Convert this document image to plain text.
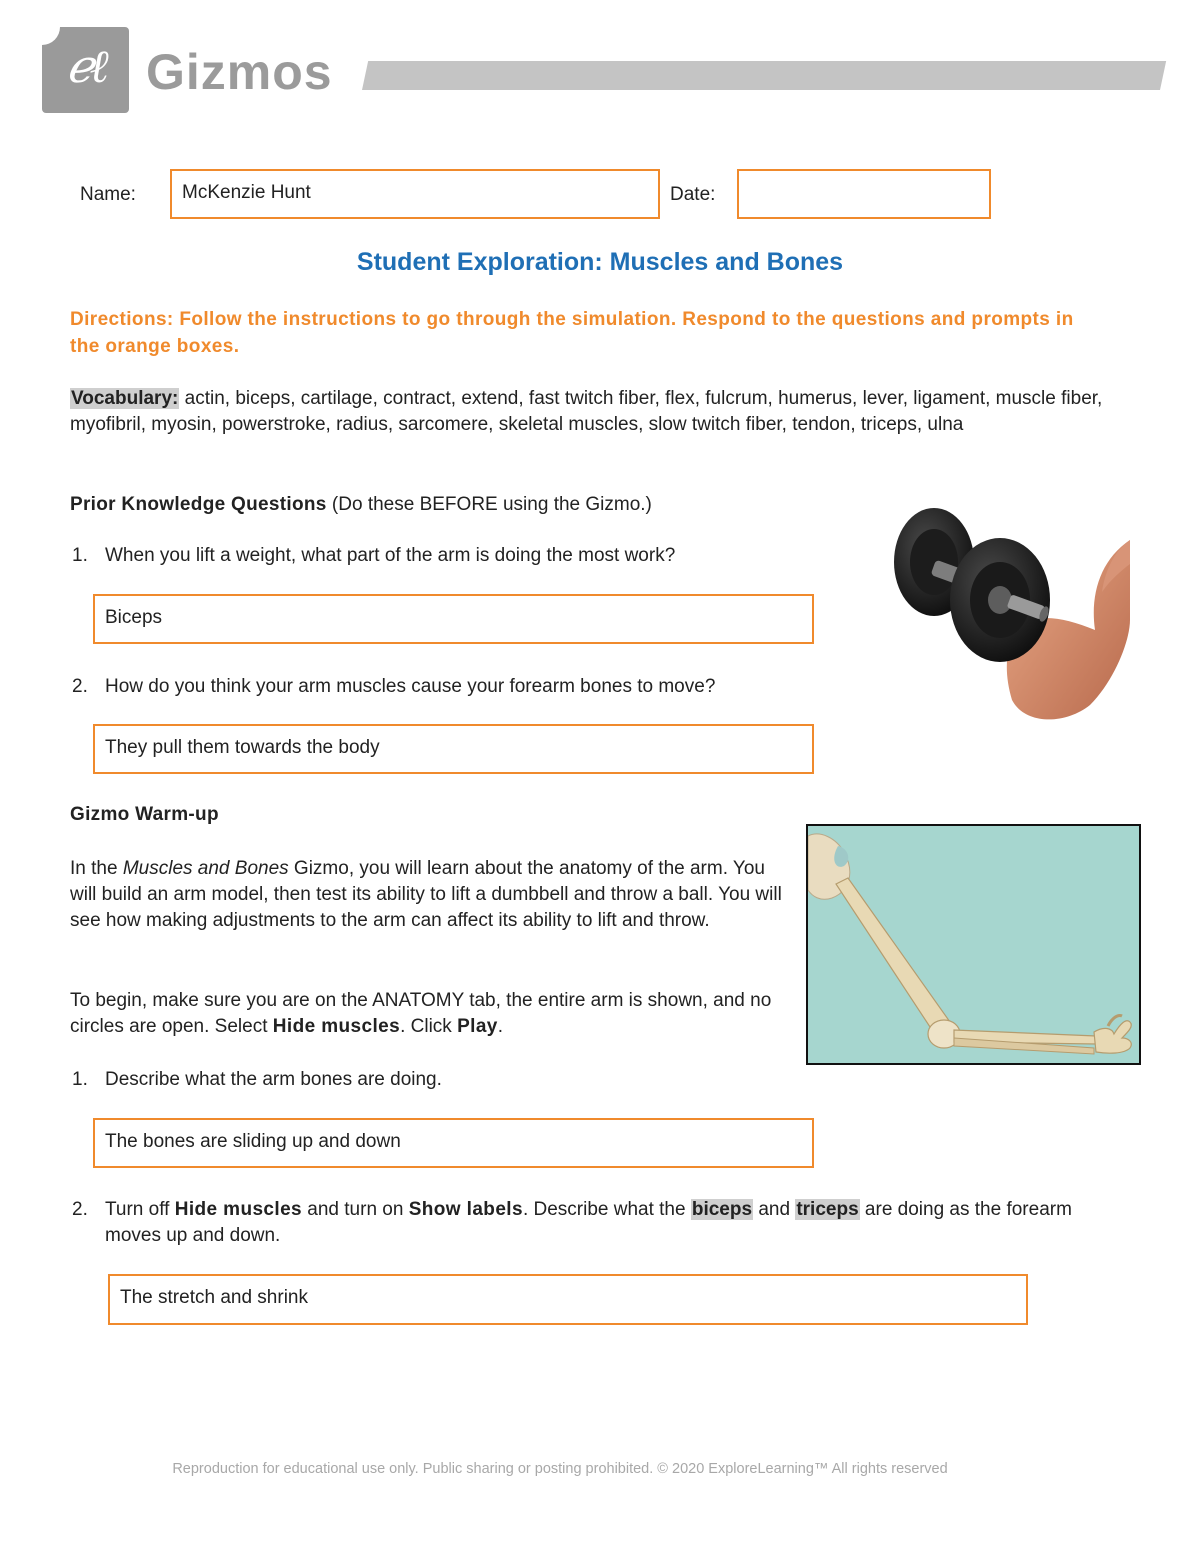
ℯℓ Gizmos
Name:	McKenzie Hunt	Date:
Student Exploration: Muscles and Bones
Directions: Follow the instructions to go through the simulation. Respond to the questions and prompts in the orange boxes.
Vocabulary: actin, biceps, cartilage, contract, extend, fast twitch fiber, flex, fulcrum, humerus, lever, ligament, muscle fiber, myofibril, myosin, powerstroke, radius, sarcomere, skeletal muscles, slow twitch fiber, tendon, triceps, ulna
Prior Knowledge Questions (Do these BEFORE using the Gizmo.)
1. When you lift a weight, what part of the arm is doing the most work?
Biceps
2. How do you think your arm muscles cause your forearm bones to move?
They pull them towards the body
Gizmo Warm-up
In the Muscles and Bones Gizmo, you will learn about the anatomy of the arm. You will build an arm model, then test its ability to lift a dumbbell and throw a ball. You will see how making adjustments to the arm can affect its ability to lift and throw.
To begin, make sure you are on the ANATOMY tab, the entire arm is shown, and no circles are open. Select Hide muscles. Click Play.
1. Describe what the arm bones are doing.
The bones are sliding up and down
2. Turn off Hide muscles and turn on Show labels. Describe what the biceps and triceps are doing as the forearm moves up and down.
The stretch and shrink
Reproduction for educational use only. Public sharing or posting prohibited. © 2020 ExploreLearning™ All rights reserved
